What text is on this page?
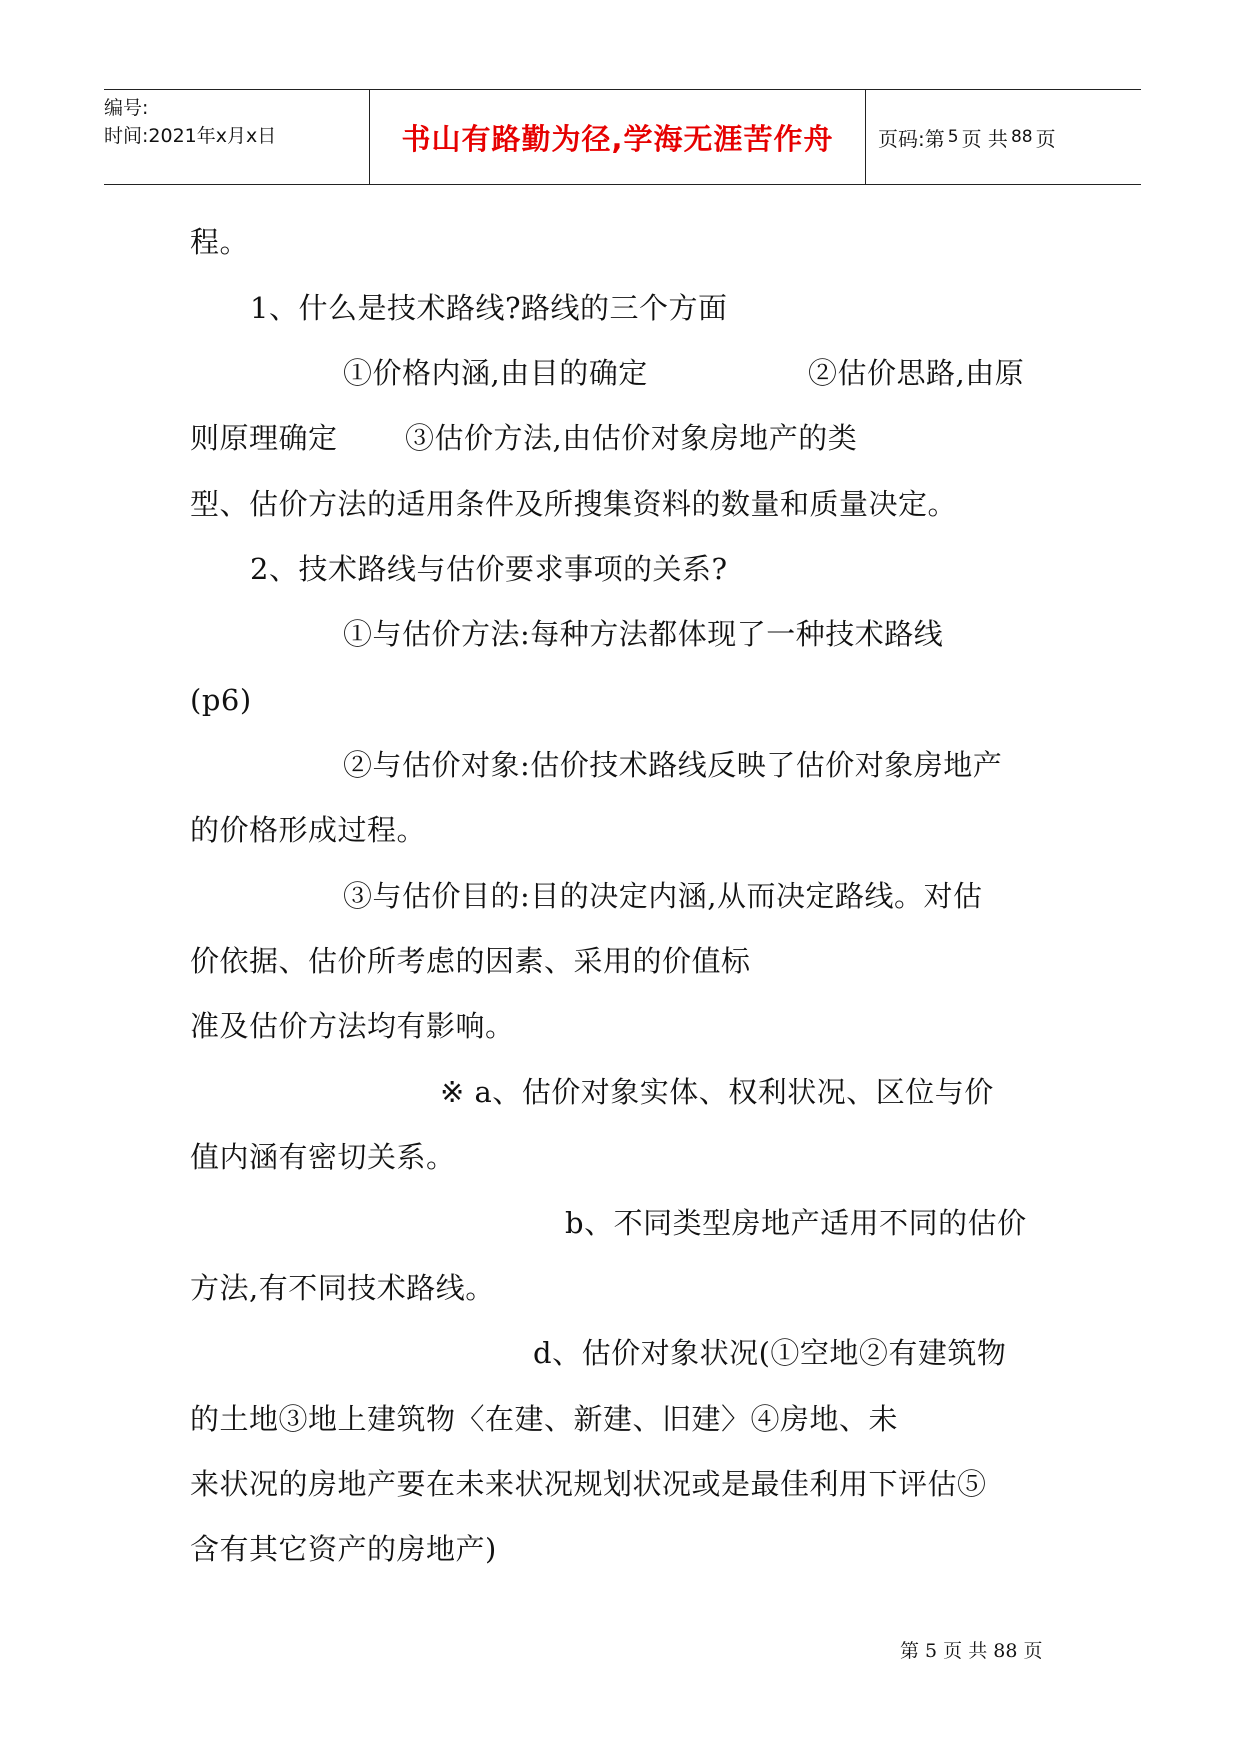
编号:
时间:2021年x月x日	书山有路勤为径,学海无涯苦作舟 页码:第 5 页 共 88 页
程。
1、什么是技术路线?路线的三个方面
①价格内涵,由目的确定	②估价思路,由原
则原理确定 ③估价方法,由估价对象房地产的类
型、估价方法的适用条件及所搜集资料的数量和质量决定。
2、技术路线与估价要求事项的关系?
①与估价方法:每种方法都体现了一种技术路线
(p6)
②与估价对象:估价技术路线反映了估价对象房地产
的价格形成过程。
③与估价目的:目的决定内涵,从而决定路线。对估
价依据、估价所考虑的因素、采用的价值标
准及估价方法均有影响。
※ a、估价对象实体、权利状况、区位与价
值内涵有密切关系。
b、不同类型房地产适用不同的估价
方法,有不同技术路线。
d、估价对象状况(①空地②有建筑物
的土地③地上建筑物〈在建、新建、旧建〉④房地、未
来状况的房地产要在未来状况规划状况或是最佳利用下评估⑤
含有其它资产的房地产)
第 5 页 共 88 页
